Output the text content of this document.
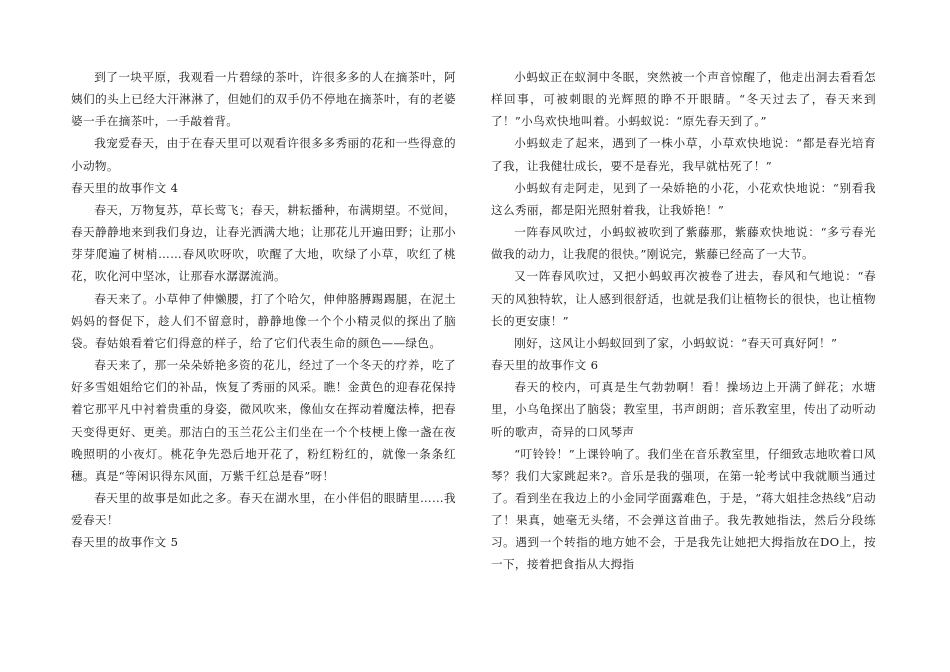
到了一块平原，我观看一片碧绿的茶叶，许很多多的人在摘茶叶，阿姨们的头上已经大汗淋淋了，但她们的双手仍不停地在摘茶叶，有的老婆婆一手在摘茶叶，一手敲着背。

我宠爱春天，由于在春天里可以观看许很多多秀丽的花和一些得意的小动物。

春天里的故事作文 4

春天，万物复苏，草长莺飞；春天，耕耘播种，布满期望。不觉间，春天静静地来到我们身边，让春光洒满大地；让那花儿开遍田野；让那小芽芽爬遍了树梢……春风吹呀吹，吹醒了大地，吹绿了小草，吹红了桃花，吹化河中坚冰，让那春水潺潺流淌。

春天来了。小草伸了伸懒腰，打了个哈欠，伸伸胳膊踢踢腿，在泥土妈妈的督促下，趁人们不留意时，静静地像一个个小精灵似的探出了脑袋。春姑娘看着它们得意的样子，给了它们代表生命的颜色——绿色。

春天来了，那一朵朵娇艳多资的花儿，经过了一个冬天的疗养，吃了好多雪姐姐给它们的补品，恢复了秀丽的风采。瞧！金黄色的迎春花保持着它那平凡中衬着贵重的身姿，微风吹来，像仙女在挥动着魔法棒，把春天变得更好、更美。那洁白的玉兰花公主们坐在一个个枝梗上像一盏在夜晚照明的小夜灯。桃花争先恐后地开花了，粉红粉红的，就像一条条红穗。真是“等闲识得东风面，万紫千红总是春”呀！

春天里的故事是如此之多。春天在湖水里，在小伴侣的眼睛里……我爱春天！

春天里的故事作文 5

小蚂蚁正在蚁洞中冬眠，突然被一个声音惊醒了，他走出洞去看看怎样回事，可被刺眼的光辉照的睁不开眼睛。“冬天过去了，春天来到了！”小鸟欢快地叫着。小蚂蚁说：“原先春天到了。”

小蚂蚁走了起来，遇到了一株小草，小草欢快地说：“都是春光培育了我，让我健壮成长，要不是春光，我早就枯死了！”

小蚂蚁有走阿走，见到了一朵娇艳的小花，小花欢快地说：“别看我这么秀丽，都是阳光照射着我，让我娇艳！”

一阵春风吹过，小蚂蚁被吹到了紫藤那，紫藤欢快地说：“多亏春光做我的动力，让我爬的很快。”刚说完，紫藤已经高了一大节。

又一阵春风吹过，又把小蚂蚁再次被卷了进去，春风和气地说：“春天的风独特软，让人感到很舒适，也就是我们让植物长的很快，也让植物长的更安康！”

刚好，这风让小蚂蚁回到了家，小蚂蚁说：“春天可真好阿！”

春天里的故事作文 6

春天的校内，可真是生气勃勃啊！看！操场边上开满了鲜花；水塘里，小乌龟探出了脑袋；教室里，书声朗朗；音乐教室里，传出了动听动听的歌声，奇异的口风琴声

“叮铃铃！”上课铃响了。我们坐在音乐教室里，仔细致志地吹着口风琴？我们大家跳起来?。音乐是我的强项，在第一轮考试中我就顺当通过了。看到坐在我边上的小金同学面露难色，于是，“蒋大姐挂念热线”启动了！果真，她毫无头绪，不会弹这首曲子。我先教她指法，然后分段练习。遇到一个转指的地方她不会，于是我先让她把大拇指放在DO上，按一下，接着把食指从大拇指
